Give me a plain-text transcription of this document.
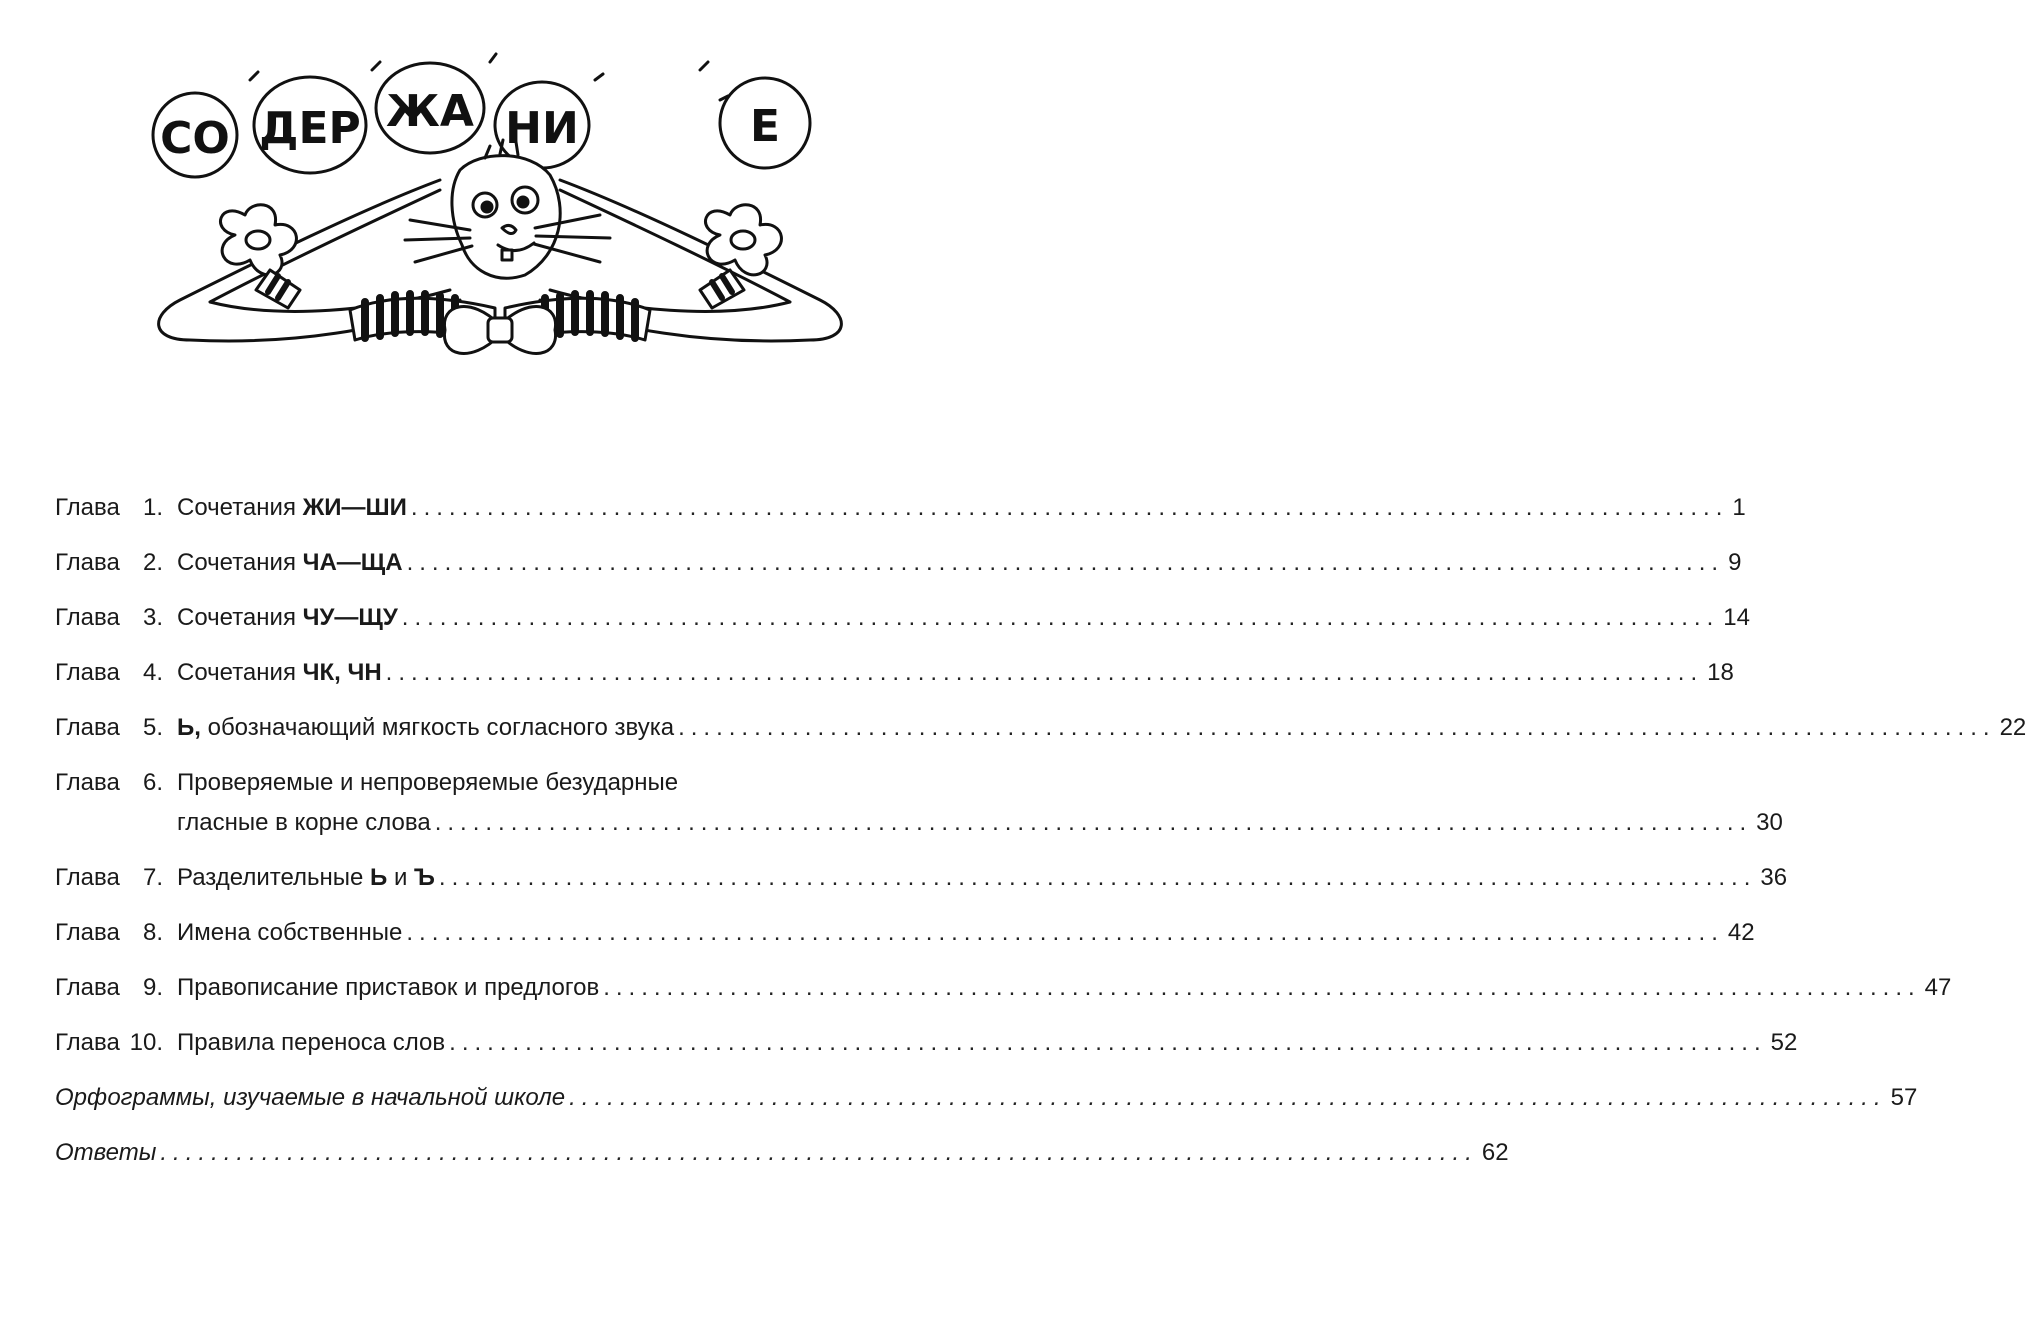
СО ДЕР ЖА НИ	Е
Глава 1. Сочетания ЖИ—ШИ ........................................................................................................ 1
Глава 2. Сочетания ЧА—ЩА ........................................................................................................ 9
Глава 3. Сочетания ЧУ—ЩУ ........................................................................................................ 14
Глава 4. Сочетания ЧК, ЧН ........................................................................................................ 18
Глава 5. Ь, обозначающий мягкость согласного звука ........................................................................................................ 22
Глава 6. Проверяемые и непроверяемые безударные
гласные в корне слова ........................................................................................................ 30
Глава 7. Разделительные Ь и Ъ ........................................................................................................ 36
Глава 8. Имена собственные ........................................................................................................ 42
Глава 9. Правописание приставок и предлогов ........................................................................................................ 47
Глава 10. Правила переноса слов ........................................................................................................ 52
Орфограммы, изучаемые в начальной школе ........................................................................................................ 57
Ответы ........................................................................................................ 62
